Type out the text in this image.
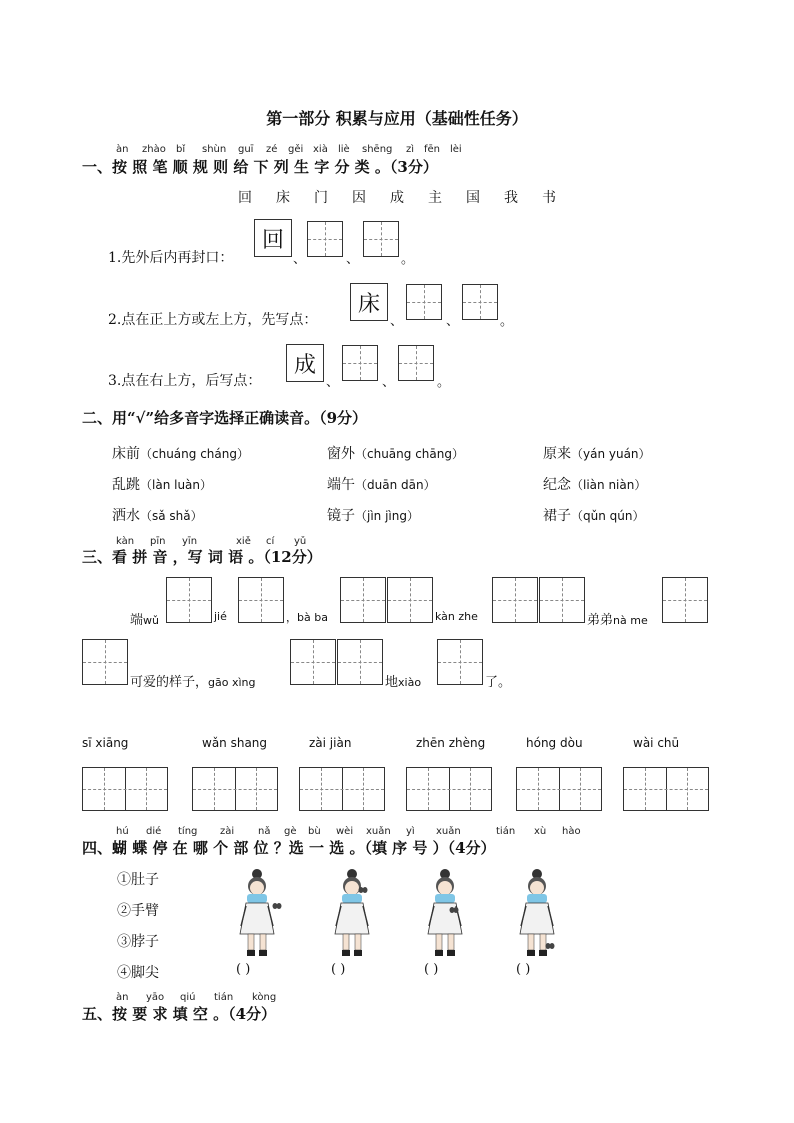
第一部分 积累与应用（基础性任务）
àn zhào bǐ shùn guī zé gěi xià liè shēng zì fēn lèi
一、按 照 笔 顺 规 则 给 下 列 生 字 分 类 。（3分）
回 床 门 因 成 主 国 我 书
1.先外后内再封口：
回
、	、	。
2.点在正上方或左上方，先写点：
床
、	、	。
3.点在右上方，后写点：
成
、	、	。
二、用“√”给多音字选择正确读音。（9分）
床前（chuáng cháng）	窗外（chuāng chāng）	原来（yán yuán）
乱跳（làn luàn）	端午（duān dān）	纪念（liàn niàn）
洒水（sǎ shǎ）	镜子（jìn jìng）	裙子（qǔn qún）
kàn pīn yīn	xiě cí yǔ
三、看 拼 音 ，写 词 语 。（12分）
端wǔ	jié	，bà ba	kàn zhe	弟弟nà me
可爱的样子，gāo xìng	地xiào	了。
sī xiāng	wǎn shang	zài jiàn	zhēn zhèng	hóng dòu	wài chū
hú dié tíng zài nǎ gè bù wèi xuǎn yì xuǎn	tián xù hào
四、蝴 蝶 停 在 哪 个 部 位 ？选 一 选 。（填 序 号 ）（4分）
①肚子
②手臂
③脖子
④脚尖	( )	( )	( )	( )
àn yāo qiú tián kòng
五、按 要 求 填 空 。（4分）
